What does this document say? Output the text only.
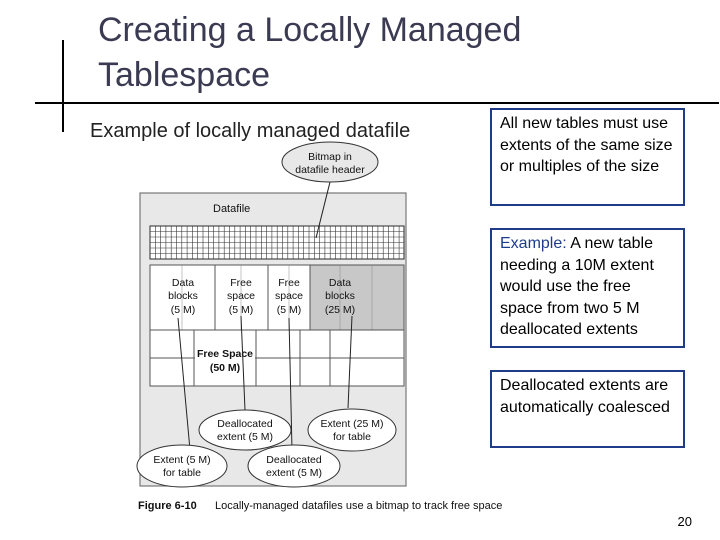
Creating a Locally Managed
Tablespace
Example of locally managed datafile
Datafile
Data
blocks
(5 M)
Free
space
(5 M)
Free
space
(5 M)
Data
blocks
(25 M)
Free Space
(50 M)
Bitmap in
datafile header
Deallocated
extent (5 M)
Extent (25 M)
for table
Extent (5 M)
for table
Deallocated
extent (5 M)
Figure 6-10 Locally-managed datafiles use a bitmap to track free space
All new tables must use extents of the same size or multiples of the size
Example: A new table needing a 10M extent would use the free space from two 5 M deallocated extents
Deallocated extents are automatically coalesced
20
